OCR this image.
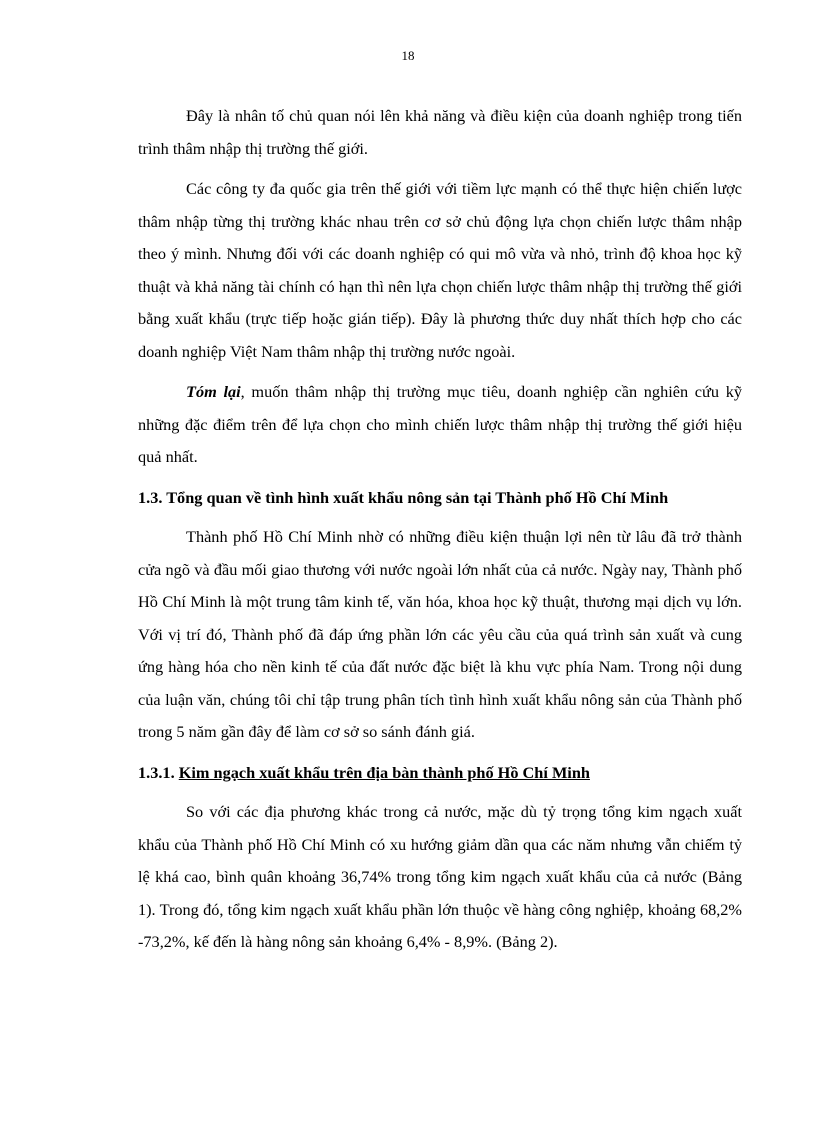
18

Đây là nhân tố chủ quan nói lên khả năng và điều kiện của doanh nghiệp trong tiến trình thâm nhập thị trường thế giới.

Các công ty đa quốc gia trên thế giới với tiềm lực mạnh có thể thực hiện chiến lược thâm nhập từng thị trường khác nhau trên cơ sở chủ động lựa chọn chiến lược thâm nhập theo ý mình. Nhưng đối với các doanh nghiệp có qui mô vừa và nhỏ, trình độ khoa học kỹ thuật và khả năng tài chính có hạn thì nên lựa chọn chiến lược thâm nhập thị trường thế giới bằng xuất khẩu (trực tiếp hoặc gián tiếp). Đây là phương thức duy nhất thích hợp cho các doanh nghiệp Việt Nam thâm nhập thị trường nước ngoài.

Tóm lại, muốn thâm nhập thị trường mục tiêu, doanh nghiệp cần nghiên cứu kỹ những đặc điểm trên để lựa chọn cho mình chiến lược thâm nhập thị trường thế giới hiệu quả nhất.

1.3. Tổng quan về tình hình xuất khẩu nông sản tại Thành phố Hồ Chí Minh

Thành phố Hồ Chí Minh nhờ có những điều kiện thuận lợi nên từ lâu đã trở thành cửa ngõ và đầu mối giao thương với nước ngoài lớn nhất của cả nước. Ngày nay, Thành phố Hồ Chí Minh là một trung tâm kinh tế, văn hóa, khoa học kỹ thuật, thương mại dịch vụ lớn. Với vị trí đó, Thành phố đã đáp ứng phần lớn các yêu cầu của quá trình sản xuất và cung ứng hàng hóa cho nền kinh tế của đất nước đặc biệt là khu vực phía Nam. Trong nội dung của luận văn, chúng tôi chỉ tập trung phân tích tình hình xuất khẩu nông sản của Thành phố trong 5 năm gần đây để làm cơ sở so sánh đánh giá.

1.3.1. Kim ngạch xuất khẩu trên địa bàn thành phố Hồ Chí Minh

So với các địa phương khác trong cả nước, mặc dù tỷ trọng tổng kim ngạch xuất khẩu của Thành phố Hồ Chí Minh có xu hướng giảm dần qua các năm nhưng vẫn chiếm tỷ lệ khá cao, bình quân khoảng 36,74% trong tổng kim ngạch xuất khẩu của cả nước (Bảng 1). Trong đó, tổng kim ngạch xuất khẩu phần lớn thuộc về hàng công nghiệp, khoảng 68,2% -73,2%, kế đến là hàng nông sản khoảng 6,4% - 8,9%. (Bảng 2).
